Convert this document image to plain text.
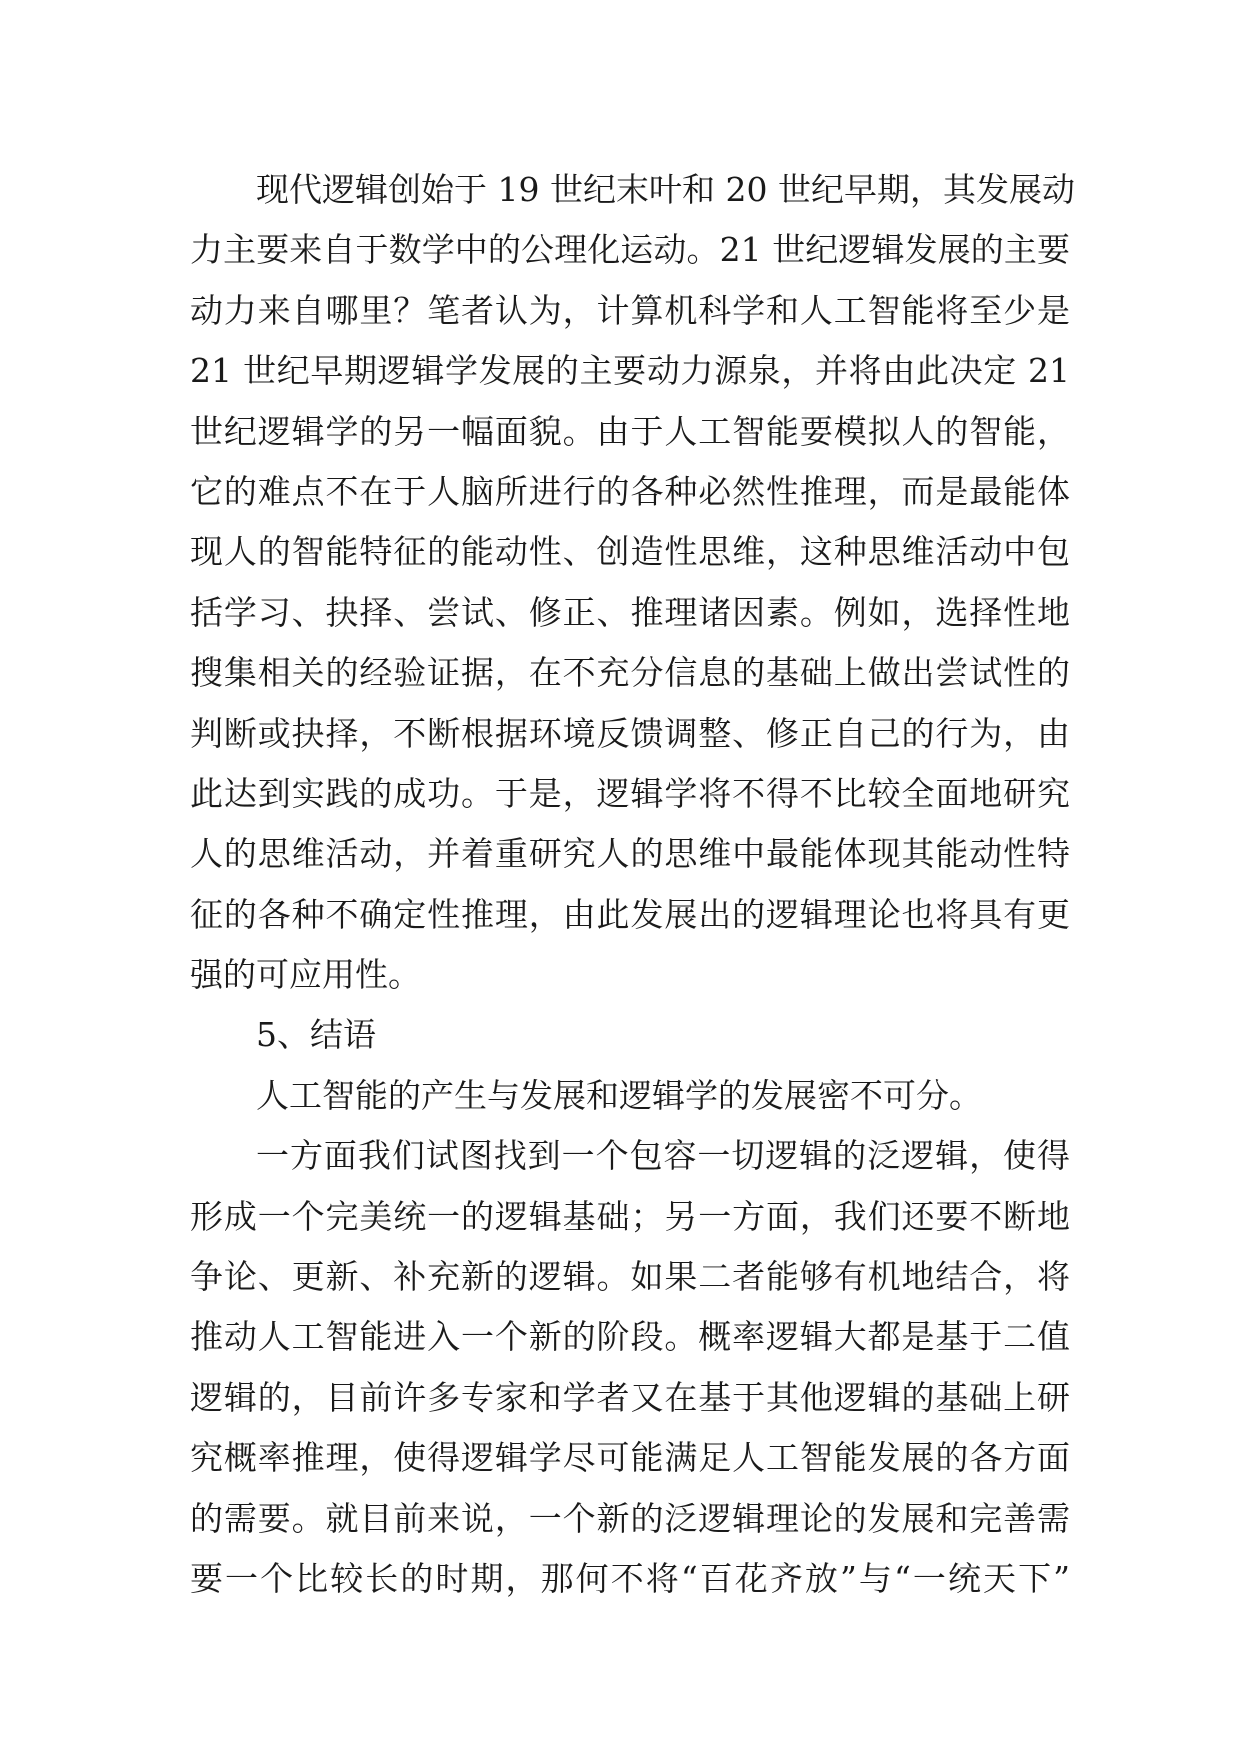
现代逻辑创始于 19 世纪末叶和 20 世纪早期，其发展动
力主要来自于数学中的公理化运动。21 世纪逻辑发展的主要
动力来自哪里？笔者认为，计算机科学和人工智能将至少是
21 世纪早期逻辑学发展的主要动力源泉，并将由此决定 21
世纪逻辑学的另一幅面貌。由于人工智能要模拟人的智能，
它的难点不在于人脑所进行的各种必然性推理，而是最能体
现人的智能特征的能动性、创造性思维，这种思维活动中包
括学习、抉择、尝试、修正、推理诸因素。例如，选择性地
搜集相关的经验证据，在不充分信息的基础上做出尝试性的
判断或抉择，不断根据环境反馈调整、修正自己的行为，由
此达到实践的成功。于是，逻辑学将不得不比较全面地研究
人的思维活动，并着重研究人的思维中最能体现其能动性特
征的各种不确定性推理，由此发展出的逻辑理论也将具有更
强的可应用性。
5、结语
人工智能的产生与发展和逻辑学的发展密不可分。
一方面我们试图找到一个包容一切逻辑的泛逻辑，使得
形成一个完美统一的逻辑基础；另一方面，我们还要不断地
争论、更新、补充新的逻辑。如果二者能够有机地结合，将
推动人工智能进入一个新的阶段。概率逻辑大都是基于二值
逻辑的，目前许多专家和学者又在基于其他逻辑的基础上研
究概率推理，使得逻辑学尽可能满足人工智能发展的各方面
的需要。就目前来说，一个新的泛逻辑理论的发展和完善需
要一个比较长的时期，那何不将“百花齐放”与“一统天下”
